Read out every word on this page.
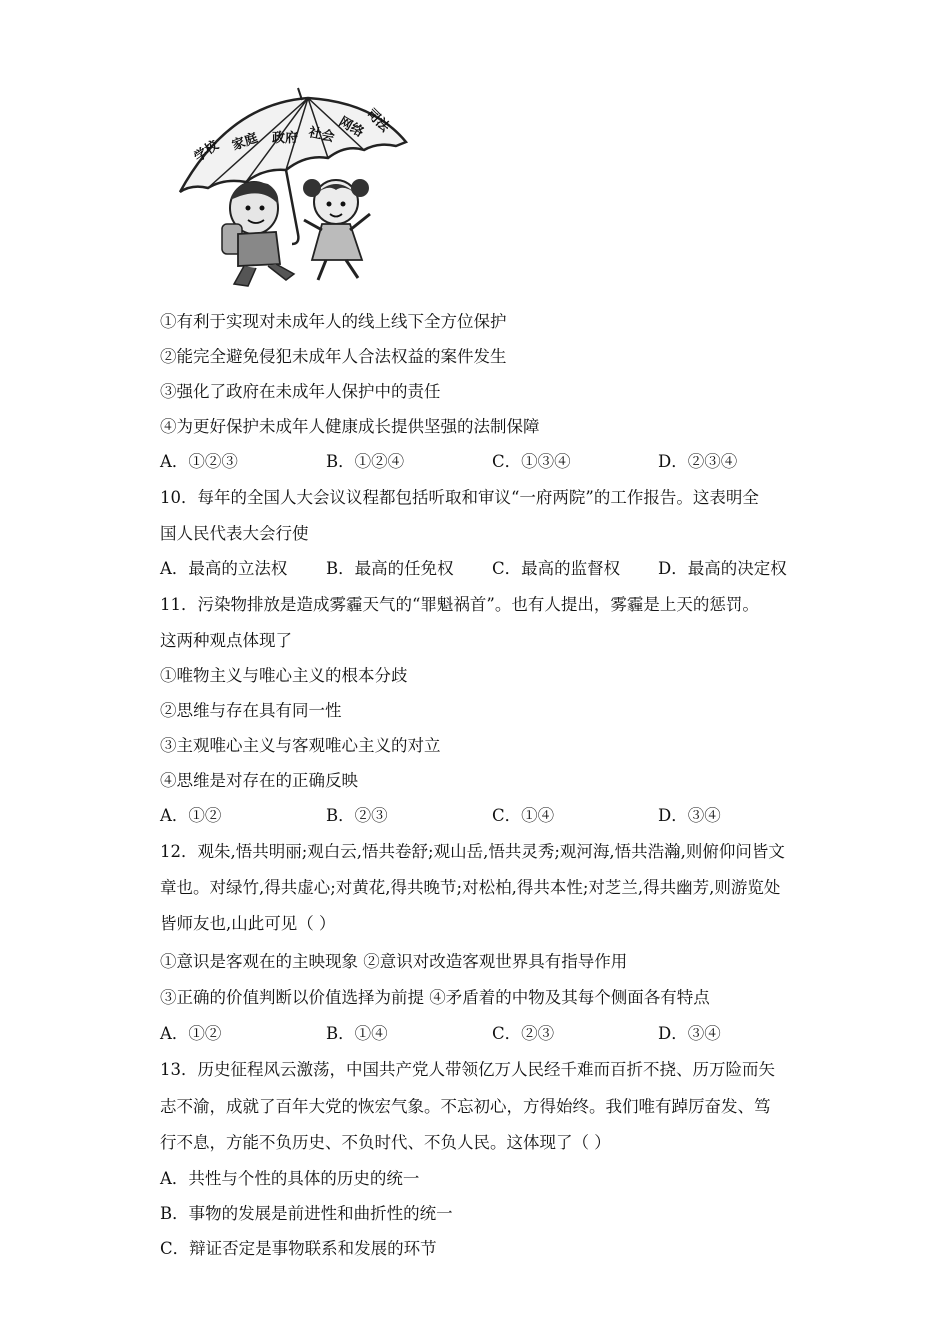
学校 家庭 政府 社会 网络
司法
①有利于实现对未成年人的线上线下全方位保护
②能完全避免侵犯未成年人合法权益的案件发生
③强化了政府在未成年人保护中的责任
④为更好保护未成年人健康成长提供坚强的法制保障
A．①②③	B．①②④	C．①③④	D．②③④
10．每年的全国人大会议议程都包括听取和审议“一府两院”的工作报告。这表明全
国人民代表大会行使
A．最高的立法权 B．最高的任免权 C．最高的监督权 D．最高的决定权
11．污染物排放是造成雾霾天气的“罪魁祸首”。也有人提出，雾霾是上天的惩罚。
这两种观点体现了
①唯物主义与唯心主义的根本分歧
②思维与存在具有同一性
③主观唯心主义与客观唯心主义的对立
④思维是对存在的正确反映
A．①②	B．②③	C．①④	D．③④
12．观朱,悟共明丽;观白云,悟共卷舒;观山岳,悟共灵秀;观河海,悟共浩瀚,则俯仰问皆文
章也。对绿竹,得共虚心;对黄花,得共晚节;对松柏,得共本性;对芝兰,得共幽芳,则游览处
皆师友也,山此可见（ ）
①意识是客观在的主映现象 ②意识对改造客观世界具有指导作用
③正确的价值判断以价值选择为前提 ④矛盾着的中物及其每个侧面各有特点
A．①②	B．①④	C．②③	D．③④
13．历史征程风云激荡，中国共产党人带领亿万人民经千难而百折不挠、历万险而矢
志不渝，成就了百年大党的恢宏气象。不忘初心，方得始终。我们唯有踔厉奋发、笃
行不息，方能不负历史、不负时代、不负人民。这体现了（ ）
A．共性与个性的具体的历史的统一
B．事物的发展是前进性和曲折性的统一
C．辩证否定是事物联系和发展的环节
